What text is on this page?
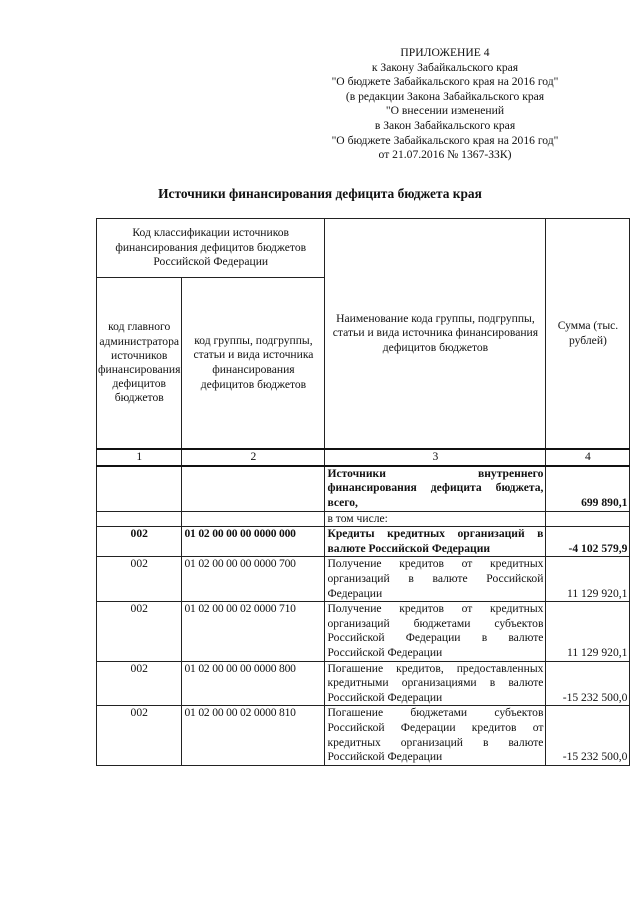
ПРИЛОЖЕНИЕ 4
к Закону Забайкальского края
"О бюджете Забайкальского края на 2016 год"
(в редакции Закона Забайкальского края
"О внесении изменений
в Закон Забайкальского края
"О бюджете Забайкальского края на 2016 год"
от 21.07.2016 № 1367-ЗЗК)
Источники финансирования дефицита бюджета края
Код классификации источников финансирования дефицитов бюджетов Российской Федерации		Наименование кода группы, подгруппы, статьи и вида источника финансирования дефицитов бюджетов	Сумма (тыс. рублей)
код главного администратора источников финансирования дефицитов бюджетов	код группы, подгруппы, статьи и вида источника финансирования дефицитов бюджетов		
1	2	3	4
		Источники внутреннего финансирования дефицита бюджета, всего,	699 890,1
		в том числе:	
002	01 02 00 00 00 0000 000	Кредиты кредитных организаций в валюте Российской Федерации	-4 102 579,9
002	01 02 00 00 00 0000 700	Получение кредитов от кредитных организаций в валюте Российской Федерации	11 129 920,1
002	01 02 00 00 02 0000 710	Получение кредитов от кредитных организаций бюджетами субъектов Российской Федерации в валюте Российской Федерации	11 129 920,1
002	01 02 00 00 00 0000 800	Погашение кредитов, предоставленных кредитными организациями в валюте Российской Федерации	-15 232 500,0
002	01 02 00 00 02 0000 810	Погашение бюджетами субъектов Российской Федерации кредитов от кредитных организаций в валюте Российской Федерации	-15 232 500,0
